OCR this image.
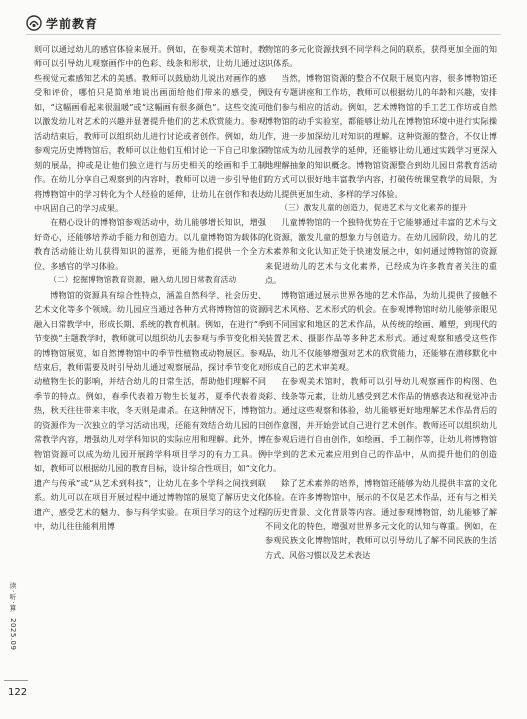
学前教育

则可以通过幼儿的感官体验来展开。例如，在参观美术馆时，教师可以引导幼儿观察画作中的色彩、线条和形状，让幼儿通过这些视觉元素感知艺术的美感。教师可以鼓励幼儿说出对画作的感受和评价，哪怕只是简单地说出画面给他们带来的感受，例如，“这幅画看起来很温暖”或“这幅画有很多颜色”。这些交流可以激发幼儿对艺术的兴趣并显著提升他们的艺术欣赏能力。参观活动结束后，教师可以组织幼儿进行讨论或者创作。例如，幼儿参观完历史博物馆后，教师可以让他们互相讨论一下自己印象深刻的展品，抑或是让他们独立进行与历史相关的绘画和手工制作。在幼儿分享自己观察到的内容时，教师可以进一步引导他们将博物馆中的学习转化为个人经验的延伸，让幼儿在创作和表达中巩固自己的学习成果。

在精心设计的博物馆参观活动中，幼儿能够增长知识，增强好奇心，还能够培养动手能力和创造力。以儿童博物馆为载体的教育活动能让幼儿获得知识的滋养，更能为他们提供一个全方位、多感官的学习体验。

（二）挖掘博物馆教育资源，融入幼儿园日常教育活动

博物馆的资源具有综合性特点，涵盖自然科学、社会历史、艺术文化等多个领域。幼儿园应当通过各种方式将博物馆的资源融入日常教学中，形成长期、系统的教育机制。例如，在进行“季节变换”主题教学时，教师就可以组织幼儿去参观与季节变化相关的博物馆展览，如自然博物馆中的季节性植物或动物展区。参观结束后，教师需要及时引导幼儿通过观察展品，探讨季节变化对动植物生长的影响，并结合幼儿的日常生活，帮助他们理解不同季节的特点。例如，春季代表着万物生长复苏，夏季代表着炎热，秋天往往带来丰收，冬天则是肃杀。在这种情况下，博物馆的资源作为一次独立的学习活动出现，还能有效结合幼儿园的日常教学内容，增强幼儿对学科知识的实际应用和理解。此外，博物馆资源可以成为幼儿园开展跨学科项目学习的有力工具。例如，教师可以根据幼儿园的教育目标，设计综合性项目，如“文化遗产与传承”或“从艺术到科技”，让幼儿在多个学科之间找到联系。幼儿可以在项目开展过程中通过博物馆的展览了解历史文化遗产、感受艺术的魅力、参与科学实验。在项目学习的这个过程中，幼儿往往能利用博

物馆的多元化资源找到不同学科之间的联系，获得更加全面的知识体系。

当然，博物馆资源的整合不仅限于展览内容，很多博物馆还设有专题讲座和工作坊，教师可以根据幼儿的年龄和兴趣，安排他们参与相应的活动。例如，艺术博物馆的手工艺工作坊或自然博物馆的动手实验室，都能够让幼儿在博物馆环境中进行实际操作，进一步加深幼儿对知识的理解。这种资源的整合，不仅让博物馆成为幼儿园教学的延伸，还能够让幼儿通过实践学习更深入地理解抽象的知识概念。博物馆资源整合到幼儿园日常教育活动的方式可以很好地丰富教学内容，打破传统课堂教学的局限，为幼儿提供更加生动、多样的学习体验。

（三）激发儿童的创造力，促进艺术与文化素养的提升

儿童博物馆的一个独特优势在于它能够通过丰富的艺术与文化资源，激发儿童的想象力与创造力。在幼儿园阶段，幼儿的艺术素养和文化认知正处于快速发展之中，如何通过博物馆的资源来促进幼儿的艺术与文化素养，已经成为许多教育者关注的重点。

博物馆通过展示世界各地的艺术作品，为幼儿提供了接触不同艺术风格、艺术形式的机会。在参观博物馆时幼儿能够亲眼见到不同国家和地区的艺术作品，从传统的绘画、雕塑，到现代的装置艺术、摄影作品等多种艺术形式。通过观察和感受这些作品，幼儿不仅能够增强对艺术的欣赏能力，还能够在潜移默化中形成自己的艺术审美观。

在参观美术馆时，教师可以引导幼儿观察画作的构图、色彩、线条等元素，让幼儿感受到艺术作品的情感表达和视觉冲击力。通过这些观察和体验，幼儿能够更好地理解艺术作品背后的创作意图，并开始尝试自己进行艺术创作。教师还可以组织幼儿在参观后进行自由创作，如绘画、手工制作等，让幼儿将博物馆中学到的艺术元素应用到自己的作品中，从而提升他们的创造力。

除了艺术素养的培养，博物馆还能够为幼儿提供丰富的文化体验。在许多博物馆中，展示的不仅是艺术作品，还有与之相关的历史背景、文化背景等内容。通过参观博物馆，幼儿能够了解不同文化的特色，增强对世界多元文化的认知与尊重。例如，在参观民族文化博物馆时，教师可以引导幼儿了解不同民族的生活方式、风俗习惯以及艺术表达

读·听·算
2025.09
122
